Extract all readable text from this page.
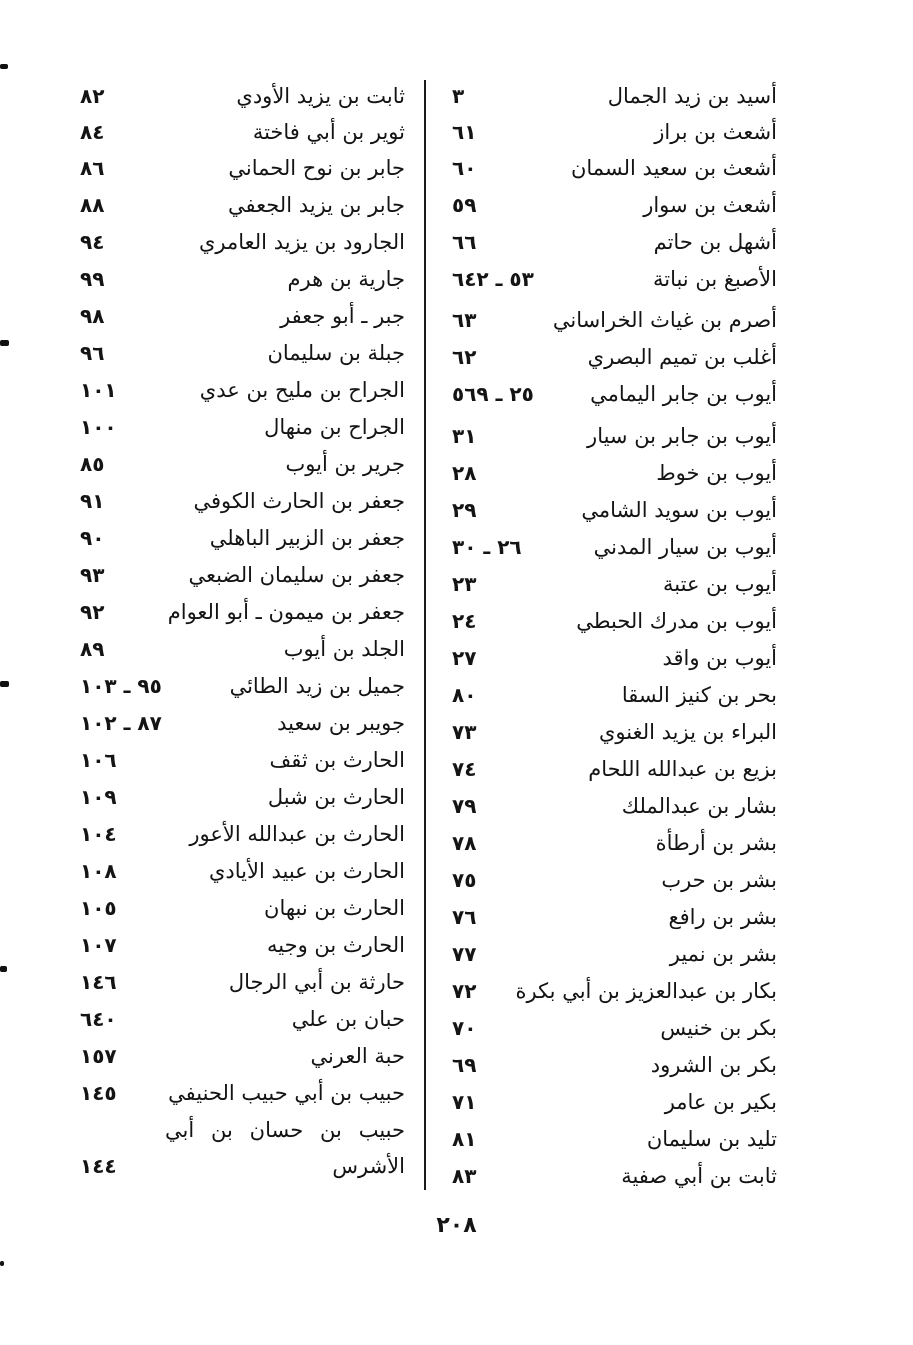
أسيد بن زيد الجمال
٣
أشعث بن براز
٦١
أشعث بن سعيد السمان
٦٠
أشعث بن سوار
٥٩
أشهل بن حاتم
٦٦
الأصبغ بن نباتة
٥٣ ـ ٦٤٢
أصرم بن غياث الخراساني
٦٣
أغلب بن تميم البصري
٦٢
أيوب بن جابر اليمامي
٢٥ ـ ٥٦٩
أيوب بن جابر بن سيار
٣١
أيوب بن خوط
٢٨
أيوب بن سويد الشامي
٢٩
أيوب بن سيار المدني
٢٦ ـ ٣٠
أيوب بن عتبة
٢٣
أيوب بن مدرك الحبطي
٢٤
أيوب بن واقد
٢٧
بحر بن كنيز السقا
٨٠
البراء بن يزيد الغنوي
٧٣
بزيع بن عبدالله اللحام
٧٤
بشار بن عبدالملك
٧٩
بشر بن أرطأة
٧٨
بشر بن حرب
٧٥
بشر بن رافع
٧٦
بشر بن نمير
٧٧
بكار بن عبدالعزيز بن أبي بكرة
٧٢
بكر بن خنيس
٧٠
بكر بن الشرود
٦٩
بكير بن عامر
٧١
تليد بن سليمان
٨١
ثابت بن أبي صفية
٨٣
ثابت بن يزيد الأودي
٨٢
ثوير بن أبي فاختة
٨٤
جابر بن نوح الحماني
٨٦
جابر بن يزيد الجعفي
٨٨
الجارود بن يزيد العامري
٩٤
جارية بن هرم
٩٩
جبر ـ أبو جعفر
٩٨
جبلة بن سليمان
٩٦
الجراح بن مليح بن عدي
١٠١
الجراح بن منهال
١٠٠
جرير بن أيوب
٨٥
جعفر بن الحارث الكوفي
٩١
جعفر بن الزبير الباهلي
٩٠
جعفر بن سليمان الضبعي
٩٣
جعفر بن ميمون ـ أبو العوام
٩٢
الجلد بن أيوب
٨٩
جميل بن زيد الطائي
٩٥ ـ ١٠٣
جويبر بن سعيد
٨٧ ـ ١٠٢
الحارث بن ثقف
١٠٦
الحارث بن شبل
١٠٩
الحارث بن عبدالله الأعور
١٠٤
الحارث بن عبيد الأيادي
١٠٨
الحارث بن نبهان
١٠٥
الحارث بن وجيه
١٠٧
حارثة بن أبي الرجال
١٤٦
حبان بن علي
٦٤٠
حبة العرني
١٥٧
حبيب بن أبي حبيب الحنيفي
١٤٥
حبيب بن حسان بن أبي الأشرس
١٤٤
٢٠٨
